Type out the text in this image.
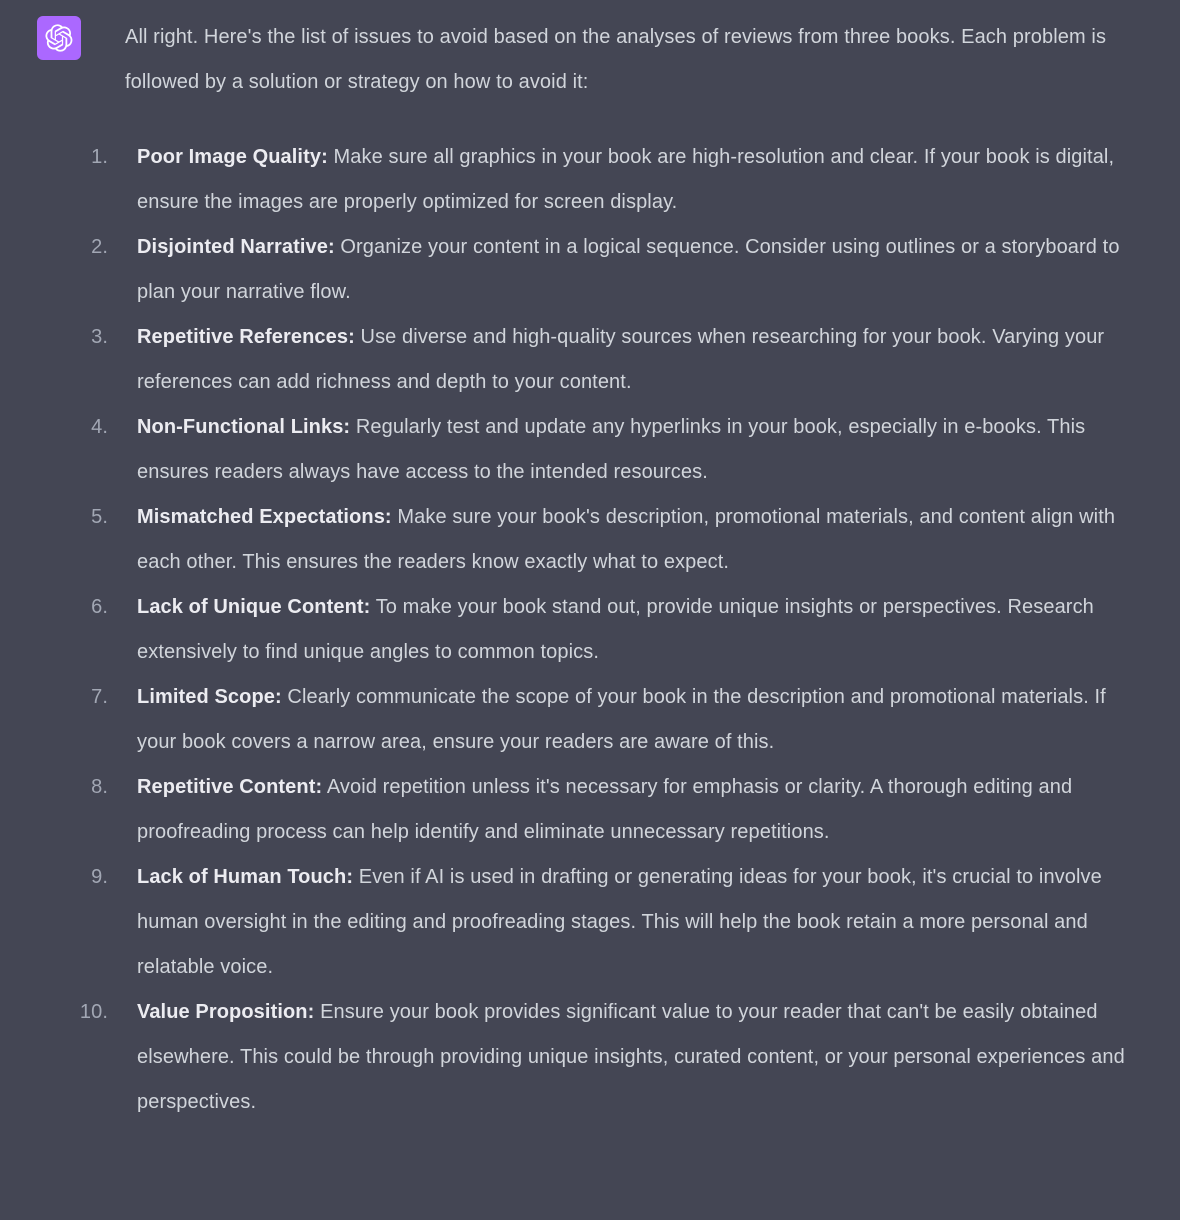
All right. Here's the list of issues to avoid based on the analyses of reviews from three books. Each problem is followed by a solution or strategy on how to avoid it:

1. Poor Image Quality: Make sure all graphics in your book are high-resolution and clear. If your book is digital, ensure the images are properly optimized for screen display.
2. Disjointed Narrative: Organize your content in a logical sequence. Consider using outlines or a storyboard to plan your narrative flow.
3. Repetitive References: Use diverse and high-quality sources when researching for your book. Varying your references can add richness and depth to your content.
4. Non-Functional Links: Regularly test and update any hyperlinks in your book, especially in e-books. This ensures readers always have access to the intended resources.
5. Mismatched Expectations: Make sure your book's description, promotional materials, and content align with each other. This ensures the readers know exactly what to expect.
6. Lack of Unique Content: To make your book stand out, provide unique insights or perspectives. Research extensively to find unique angles to common topics.
7. Limited Scope: Clearly communicate the scope of your book in the description and promotional materials. If your book covers a narrow area, ensure your readers are aware of this.
8. Repetitive Content: Avoid repetition unless it's necessary for emphasis or clarity. A thorough editing and proofreading process can help identify and eliminate unnecessary repetitions.
9. Lack of Human Touch: Even if AI is used in drafting or generating ideas for your book, it's crucial to involve human oversight in the editing and proofreading stages. This will help the book retain a more personal and relatable voice.
10. Value Proposition: Ensure your book provides significant value to your reader that can't be easily obtained elsewhere. This could be through providing unique insights, curated content, or your personal experiences and perspectives.
